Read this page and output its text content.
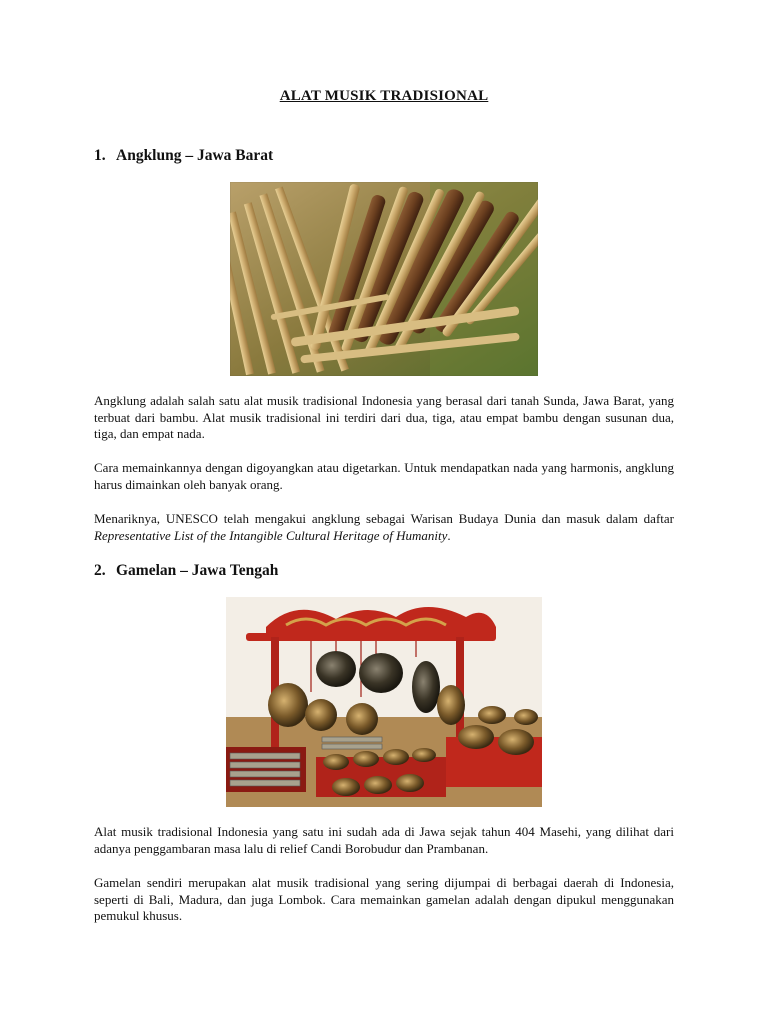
ALAT MUSIK TRADISIONAL
1. Angklung – Jawa Barat

Angklung adalah salah satu alat musik tradisional Indonesia yang berasal dari tanah Sunda, Jawa Barat, yang terbuat dari bambu. Alat musik tradisional ini terdiri dari dua, tiga, atau empat bambu dengan susunan dua, tiga, dan empat nada.

Cara memainkannya dengan digoyangkan atau digetarkan. Untuk mendapatkan nada yang harmonis, angklung harus dimainkan oleh banyak orang.

Menariknya, UNESCO telah mengakui angklung sebagai Warisan Budaya Dunia dan masuk dalam daftar Representative List of the Intangible Cultural Heritage of Humanity.

2. Gamelan – Jawa Tengah

Alat musik tradisional Indonesia yang satu ini sudah ada di Jawa sejak tahun 404 Masehi, yang dilihat dari adanya penggambaran masa lalu di relief Candi Borobudur dan Prambanan.

Gamelan sendiri merupakan alat musik tradisional yang sering dijumpai di berbagai daerah di Indonesia, seperti di Bali, Madura, dan juga Lombok. Cara memainkan gamelan adalah dengan dipukul menggunakan pemukul khusus.
